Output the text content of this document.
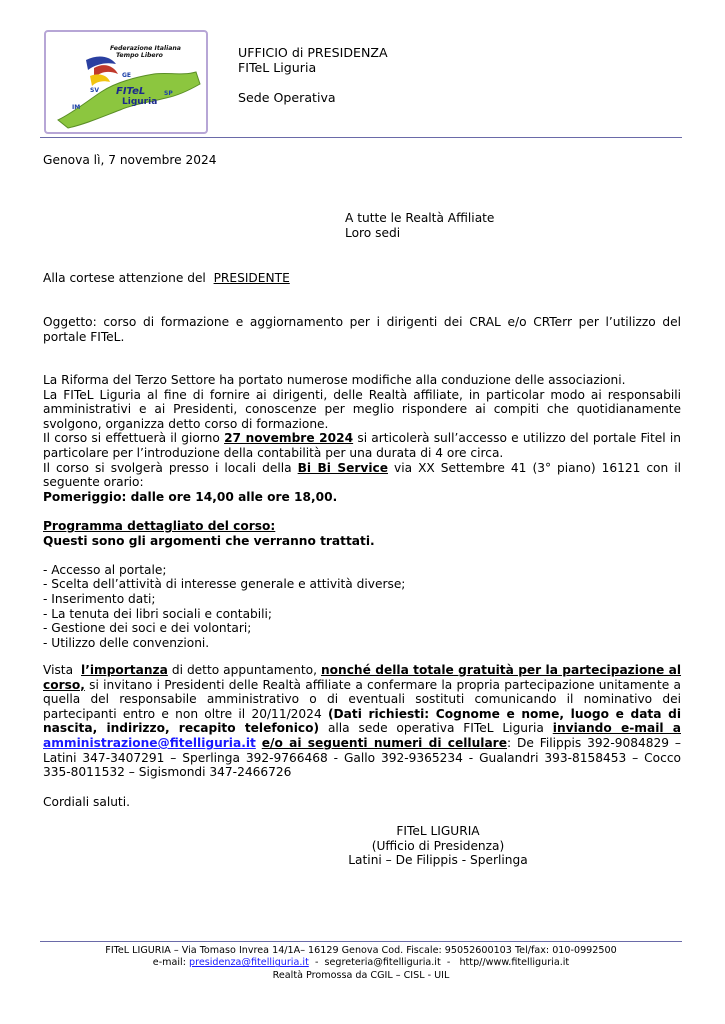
Federazione Italiana
Tempo Libero
GE
SV	SP
IM
FITeL
Liguria
UFFICIO di PRESIDENZA
FITeL Liguria
Sede Operativa
Genova lì, 7 novembre 2024
A tutte le Realtà Affiliate
Loro sedi
Alla cortese attenzione del PRESIDENTE
Oggetto: corso di formazione e aggiornamento per i dirigenti dei CRAL e/o CRTerr per l’utilizzo del portale FITeL.
La Riforma del Terzo Settore ha portato numerose modifiche alla conduzione delle associazioni.
La FITeL Liguria al fine di fornire ai dirigenti, delle Realtà affiliate, in particolar modo ai responsabili amministrativi e ai Presidenti, conoscenze per meglio rispondere ai compiti che quotidianamente svolgono, organizza detto corso di formazione.
Il corso si effettuerà il giorno 27 novembre 2024 si articolerà sull’accesso e utilizzo del portale Fitel in particolare per l’introduzione della contabilità per una durata di 4 ore circa.
Il corso si svolgerà presso i locali della Bi Bi Service via XX Settembre 41 (3° piano) 16121 con il seguente orario:
Pomeriggio: dalle ore 14,00 alle ore 18,00.
Programma dettagliato del corso:
Questi sono gli argomenti che verranno trattati.
- Accesso al portale;
- Scelta dell’attività di interesse generale e attività diverse;
- Inserimento dati;
- La tenuta dei libri sociali e contabili;
- Gestione dei soci e dei volontari;
- Utilizzo delle convenzioni.
Vista l’importanza di detto appuntamento, nonché della totale gratuità per la partecipazione al corso, si invitano i Presidenti delle Realtà affiliate a confermare la propria partecipazione unitamente a quella del responsabile amministrativo o di eventuali sostituti comunicando il nominativo dei partecipanti entro e non oltre il 20/11/2024 (Dati richiesti: Cognome e nome, luogo e data di nascita, indirizzo, recapito telefonico) alla sede operativa FITeL Liguria inviando e-mail a amministrazione@fitelliguria.it e/o ai seguenti numeri di cellulare: De Filippis 392-9084829 – Latini 347-3407291 – Sperlinga 392-9766468 - Gallo 392-9365234 - Gualandri 393-8158453 – Cocco 335-8011532 – Sigismondi 347-2466726
Cordiali saluti.
FITeL LIGURIA
(Ufficio di Presidenza)
Latini – De Filippis - Sperlinga
FITeL LIGURIA – Via Tomaso Invrea 14/1A– 16129 Genova Cod. Fiscale: 95052600103 Tel/fax: 010-0992500
e-mail: presidenza@fitelliguria.it - segreteria@fitelliguria.it - http//www.fitelliguria.it
Realtà Promossa da CGIL – CISL - UIL
